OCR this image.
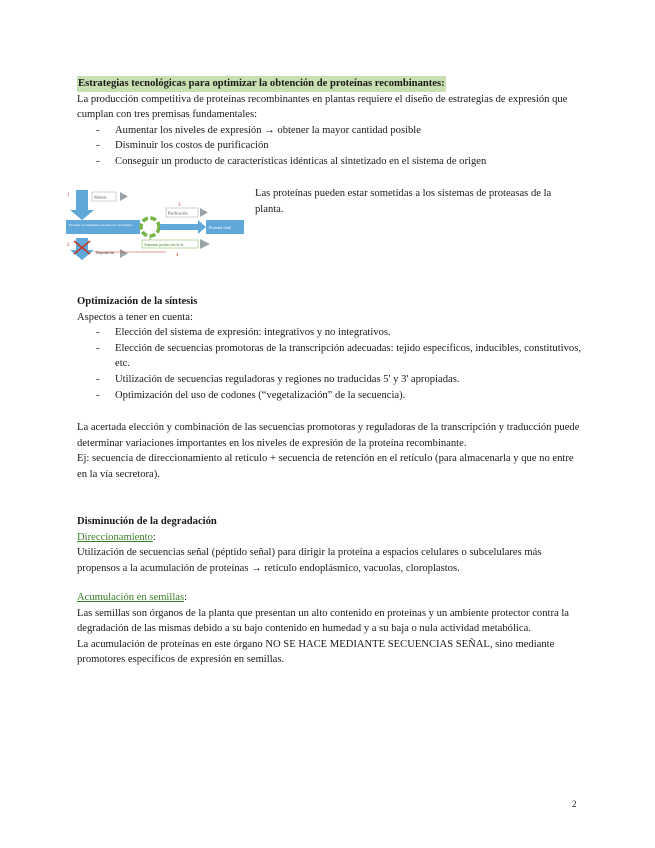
Estrategias tecnológicas para optimizar la obtención de proteínas recombinantes:

La producción competitiva de proteínas recombinantes en plantas requiere el diseño de estrategias de expresión que cumplan con tres premisas fundamentales:

- Aumentar los niveles de expresión → obtener la mayor cantidad posible
- Disminuir los costos de purificación
- Conseguir un producto de características idénticas al sintetizado en el sistema de origen
1
2
3
4
Síntesis
Proteína recombinante en suelo de crecimiento
Purificación
Proteína final
Aumentar producción de la
Degradación

Las proteínas pueden estar sometidas a los sistemas de proteasas de la planta.

Optimización de la síntesis

Aspectos a tener en cuenta:

- Elección del sistema de expresión: integrativos y no integrativos.
- Elección de secuencias promotoras de la transcripción adecuadas: tejido específicos, inducibles, constitutivos, etc.
- Utilización de secuencias reguladoras y regiones no traducidas 5' y 3' apropiadas.
- Optimización del uso de codones (“vegetalización” de la secuencia).

La acertada elección y combinación de las secuencias promotoras y reguladoras de la transcripción y traducción puede determinar variaciones importantes en los niveles de expresión de la proteína recombinante.

Ej: secuencia de direccionamiento al retículo + secuencia de retención en el retículo (para almacenarla y que no entre en la vía secretora).

Disminución de la degradación
Direccionamiento:

Utilización de secuencias señal (péptido señal) para dirigir la proteína a espacios celulares o subcelulares más propensos a la acumulación de proteínas → retículo endoplásmico, vacuolas, cloroplastos.

Acumulación en semillas:

Las semillas son órganos de la planta que presentan un alto contenido en proteínas y un ambiente protector contra la degradación de las mismas debido a su bajo contenido en humedad y a su baja o nula actividad metabólica.

La acumulación de proteínas en este órgano NO SE HACE MEDIANTE SECUENCIAS SEÑAL, sino mediante promotores específicos de expresión en semillas.

2
